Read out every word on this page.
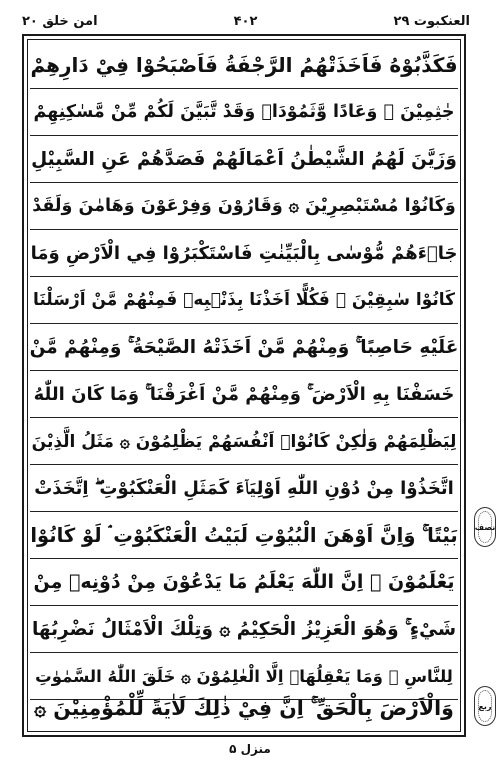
امن خلق ۲۰	۴۰۲	العنکبوت ۲۹
فَكَذَّبُوْهُ فَاَخَذَتْهُمُ الرَّجْفَةُ فَاَصْبَحُوْا فِيْ دَارِهِمْ
جٰثِمِيْنَ ۞ وَعَادًا وَّثَمُوْدَاۡ وَقَدْ تَّبَيَّنَ لَكُمْ مِّنْ مَّسٰكِنِهِمْ
وَزَيَّنَ لَهُمُ الشَّيْطٰنُ اَعْمَالَهُمْ فَصَدَّهُمْ عَنِ السَّبِيْلِ
وَكَانُوْا مُسْتَبْصِرِيْنَ ۞ وَقَارُوْنَ وَفِرْعَوْنَ وَهَامٰنَ وَلَقَدْ
جَاۤءَهُمْ مُّوْسٰى بِالْبَيِّنٰتِ فَاسْتَكْبَرُوْا فِي الْاَرْضِ وَمَا
كَانُوْا سٰبِقِيْنَ ۞ فَكُلًّا اَخَذْنَا بِذَنْۢبِهٖ فَمِنْهُمْ مَّنْ اَرْسَلْنَا
عَلَيْهِ حَاصِبًا ۚ وَمِنْهُمْ مَّنْ اَخَذَتْهُ الصَّيْحَةُ ۚ وَمِنْهُمْ مَّنْ
خَسَفْنَا بِهِ الْاَرْضَ ۚ وَمِنْهُمْ مَّنْ اَغْرَقْنَا ۚ وَمَا كَانَ اللّٰهُ
لِيَظْلِمَهُمْ وَلٰكِنْ كَانُوْاۤ اَنْفُسَهُمْ يَظْلِمُوْنَ ۞ مَثَلُ الَّذِيْنَ
اتَّخَذُوْا مِنْ دُوْنِ اللّٰهِ اَوْلِيَاۤءَ كَمَثَلِ الْعَنْكَبُوْتِ ۖ اِتَّخَذَتْ
بَيْتًا ۚ وَاِنَّ اَوْهَنَ الْبُيُوْتِ لَبَيْتُ الْعَنْكَبُوْتِ ۘ لَوْ كَانُوْا
يَعْلَمُوْنَ ۞ اِنَّ اللّٰهَ يَعْلَمُ مَا يَدْعُوْنَ مِنْ دُوْنِهٖ مِنْ
شَيْءٍ ۚ وَهُوَ الْعَزِيْزُ الْحَكِيْمُ ۞ وَتِلْكَ الْاَمْثَالُ نَضْرِبُهَا
لِلنَّاسِ ۚ وَمَا يَعْقِلُهَاۤ اِلَّا الْعٰلِمُوْنَ ۞ خَلَقَ اللّٰهُ السَّمٰوٰتِ
وَالْاَرْضَ بِالْحَقِّ ۚ اِنَّ فِيْ ذٰلِكَ لَاٰيَةً لِّلْمُؤْمِنِيْنَ ۞
نصف
ربع
منزل ۵
